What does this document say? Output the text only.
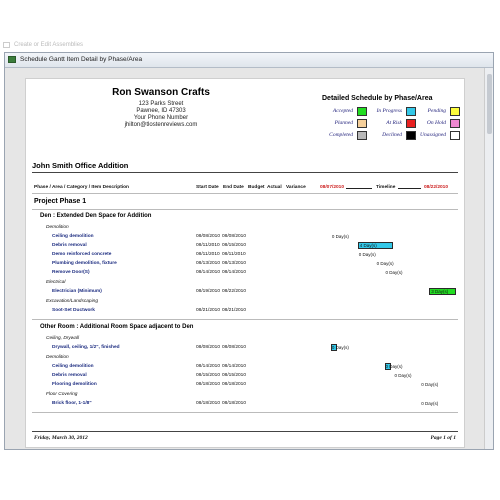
Create or Edit Assemblies
Schedule Gantt Item Detail by Phase/Area
Ron Swanson Crafts
123 Parks Street
Pawnee, ID 47303
Your Phone Number
jhilton@tlostenreviews.com
Detailed Schedule by Phase/Area
Accepted	In Progress	Pending
Planned	At Risk	On Hold
Completed	Declined	Unassigned
John Smith Office Addition
Phase / Area / Category / Item Description	Start Date End Date Budget Actual Variance	08/07/2010	Timeline	08/22/2010
Project Phase 1
Den : Extended Den Space for Addition
Demolition
Ceiling demolition	08/08/2010 08/08/2010	0 Day(s)
Debris removal	08/11/2010 08/15/2010	4 Day(s)
Demo reinforced concrete	08/11/2010 08/11/2010	0 Day(s)
Plumbing demolition, fixture	08/13/2010 08/13/2010	0 Day(s)
Remove Door(S)	08/14/2010 08/14/2010	0 Day(s)
Electrical
Electrician (Minimum)	08/19/2010 08/22/2010	3 Day(s)
Excavation/Landscaping
Soot-Set Ductwork	08/21/2010 08/21/2010
Other Room : Additional Room Space adjacent to Den
Ceiling, Drywall
Drywall, ceiling, 1/2", finished	08/08/2010 08/08/2010	0 Day(s)
Demolition
Ceiling demolition	08/14/2010 08/14/2010	0 Day(s)
Debris removal	08/15/2010 08/15/2010	0 Day(s)
Flooring demolition	08/18/2010 08/18/2010	0 Day(s)
Floor Covering
Brick floor, 1-1/8"	08/18/2010 08/18/2010	0 Day(s)
Friday, March 30, 2012	Page 1 of 1
